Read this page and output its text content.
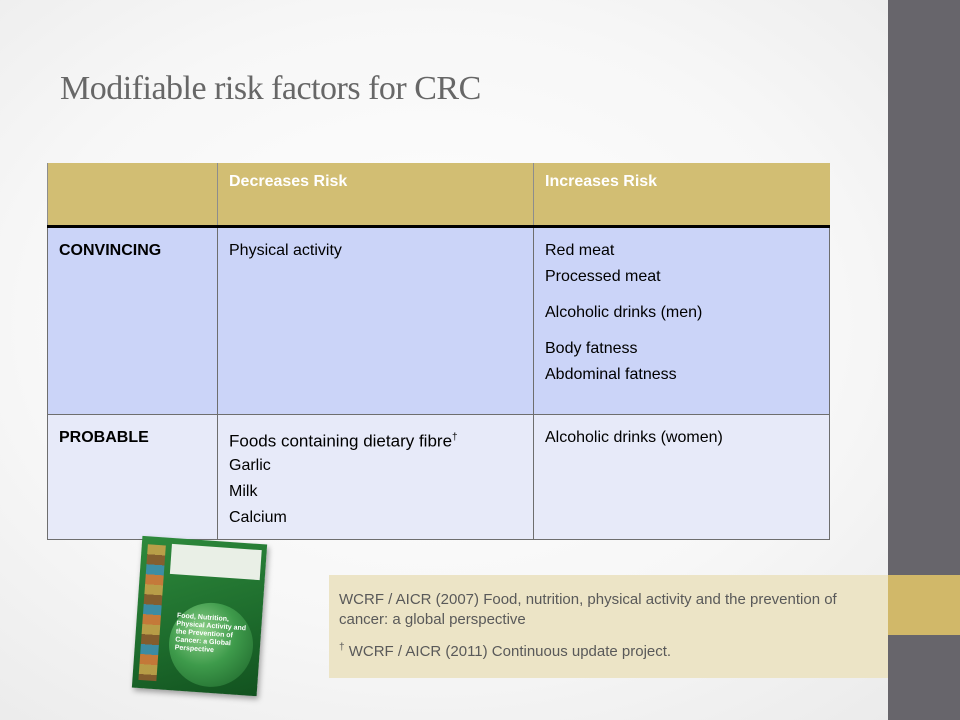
Modifiable risk factors for CRC
	Decreases Risk	Increases Risk
CONVINCING	Physical activity	Red meat
Processed meat
Alcoholic drinks (men)
Body fatness
Abdominal fatness

PROBABLE	Foods containing dietary fibre†
Garlic
Milk
Calcium	Alcoholic drinks (women)
Food, Nutrition, Physical Activity and the Prevention of Cancer: a Global Perspective
WCRF / AICR (2007) Food, nutrition, physical activity and the prevention of cancer: a global perspective
† WCRF / AICR (2011) Continuous update project.
